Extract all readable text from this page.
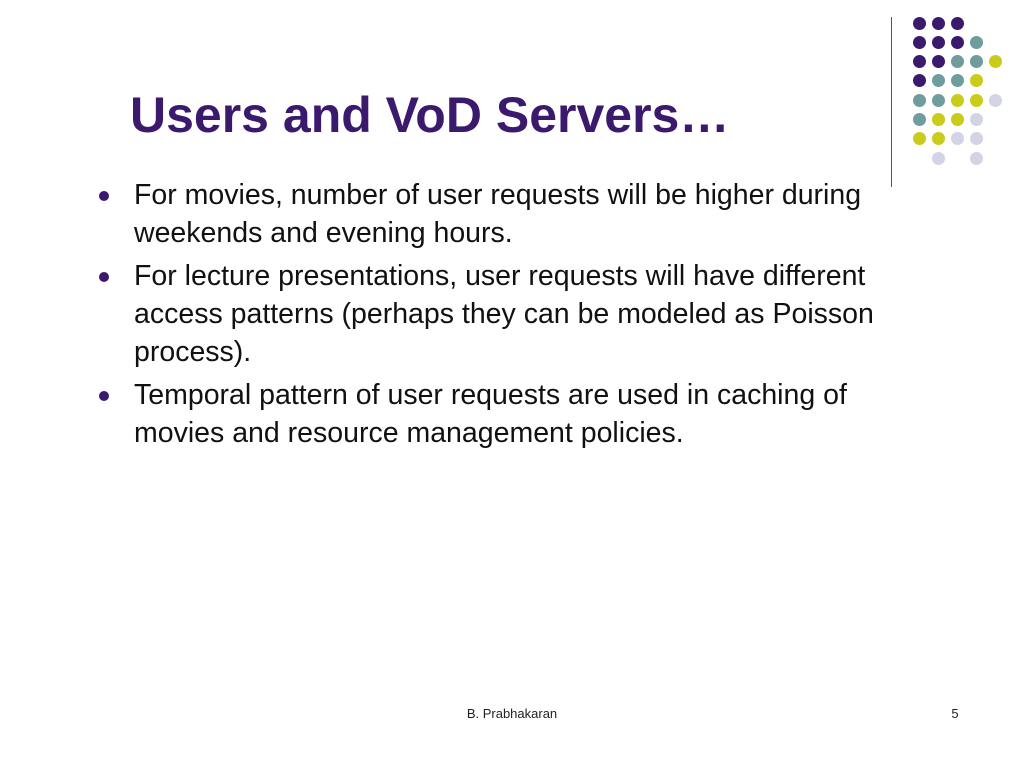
Users and VoD Servers…
For movies, number of user requests will be higher during weekends and evening hours.
For lecture presentations, user requests will have different access patterns (perhaps they can be modeled as Poisson process).
Temporal pattern of user requests are used in caching of movies and resource management policies.
B. Prabhakaran	5
